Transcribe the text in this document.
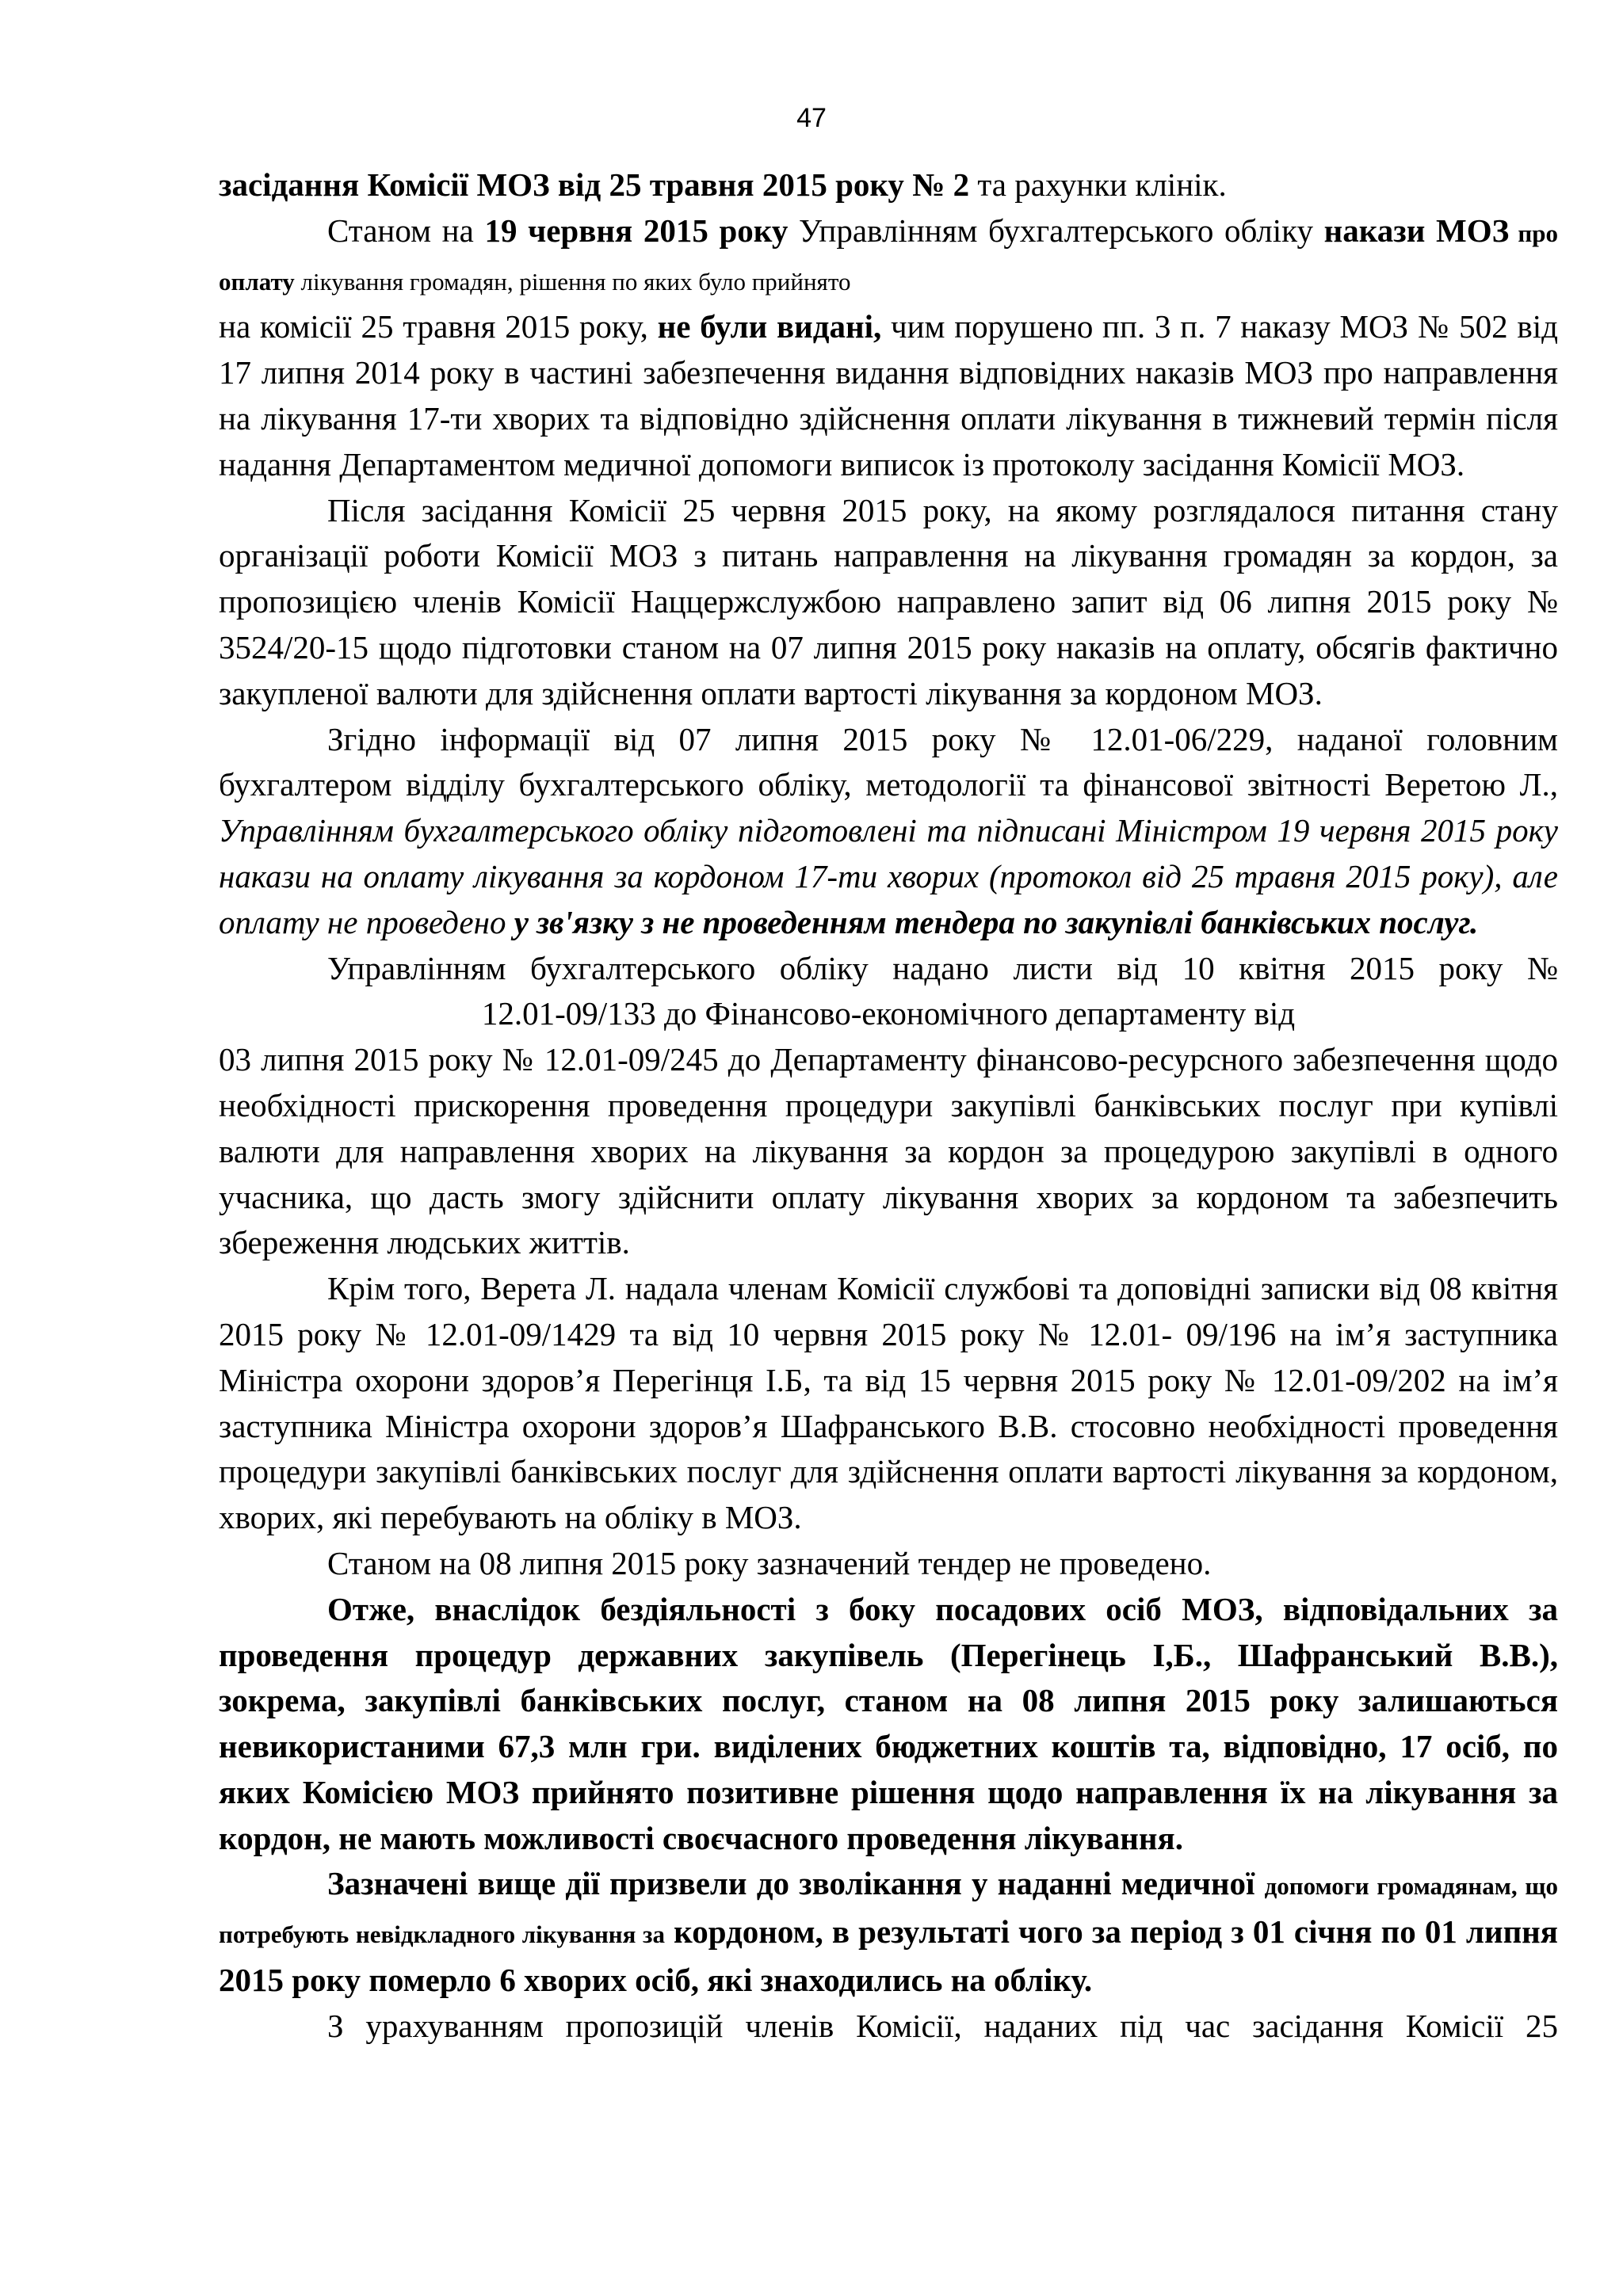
47

засідання Комісії МОЗ від 25 травня 2015 року № 2 та рахунки клінік.

Станом на 19 червня 2015 року Управлінням бухгалтерського обліку накази МОЗ про оплату лікування громадян, рішення по яких було прийнято
на комісії 25 травня 2015 року, не були видані, чим порушено пп. 3 п. 7 наказу МОЗ № 502 від 17 липня 2014 року в частині забезпечення видання відповідних наказів МОЗ про направлення на лікування 17-ти хворих та відповідно здійснення оплати лікування в тижневий термін після надання Департаментом медичної допомоги виписок із протоколу засідання Комісії МОЗ.

Після засідання Комісії 25 червня 2015 року, на якому розглядалося питання стану організації роботи Комісії МОЗ з питань направлення на лікування громадян за кордон, за пропозицією членів Комісії Наццержслужбою направлено запит від 06 липня 2015 року № 3524/20-15 щодо підготовки станом на 07 липня 2015 року наказів на оплату, обсягів фактично закупленої валюти для здійснення оплати вартості лікування за кордоном МОЗ.

Згідно інформації від 07 липня 2015 року № 12.01-06/229, наданої головним бухгалтером відділу бухгалтерського обліку, методології та фінансової звітності Веретою Л., Управлінням бухгалтерського обліку підготовлені та підписані Міністром 19 червня 2015 року накази на оплату лікування за кордоном 17-ти хворих (протокол від 25 травня 2015 року), але оплату не проведено у зв'язку з не проведенням тендера по закупівлі банківських послуг.

Управлінням бухгалтерського обліку надано листи від 10 квітня 2015 року №

12.01-09/133 до Фінансово-економічного департаменту від

03 липня 2015 року № 12.01-09/245 до Департаменту фінансово-ресурсного забезпечення щодо необхідності прискорення проведення процедури закупівлі банківських послуг при купівлі валюти для направлення хворих на лікування за кордон за процедурою закупівлі в одного учасника, що дасть змогу здійснити оплату лікування хворих за кордоном та забезпечить збереження людських життів.

Крім того, Верета Л. надала членам Комісії службові та доповідні записки від 08 квітня 2015 року № 12.01-09/1429 та від 10 червня 2015 року № 12.01- 09/196 на ім’я заступника Міністра охорони здоров’я Перегінця І.Б, та від 15 червня 2015 року № 12.01-09/202 на ім’я заступника Міністра охорони здоров’я Шафранського В.В. стосовно необхідності проведення процедури закупівлі банківських послуг для здійснення оплати вартості лікування за кордоном, хворих, які перебувають на обліку в МОЗ.

Станом на 08 липня 2015 року зазначений тендер не проведено.

Отже, внаслідок бездіяльності з боку посадових осіб МОЗ, відповідальних за проведення процедур державних закупівель (Перегінець І,Б., Шафранський В.В.), зокрема, закупівлі банківських послуг, станом на 08 липня 2015 року залишаються невикористаними 67,3 млн гри. виділених бюджетних коштів та, відповідно, 17 осіб, по яких Комісією МОЗ прийнято позитивне рішення щодо направлення їх на лікування за кордон, не мають можливості своєчасного проведення лікування.

Зазначені вище дії призвели до зволікання у наданні медичної допомоги громадянам, що потребують невідкладного лікування за кордоном, в результаті чого за період з 01 січня по 01 липня 2015 року померло 6 хворих осіб, які знаходились на обліку.

З урахуванням пропозицій членів Комісії, наданих під час засідання Комісії 25
